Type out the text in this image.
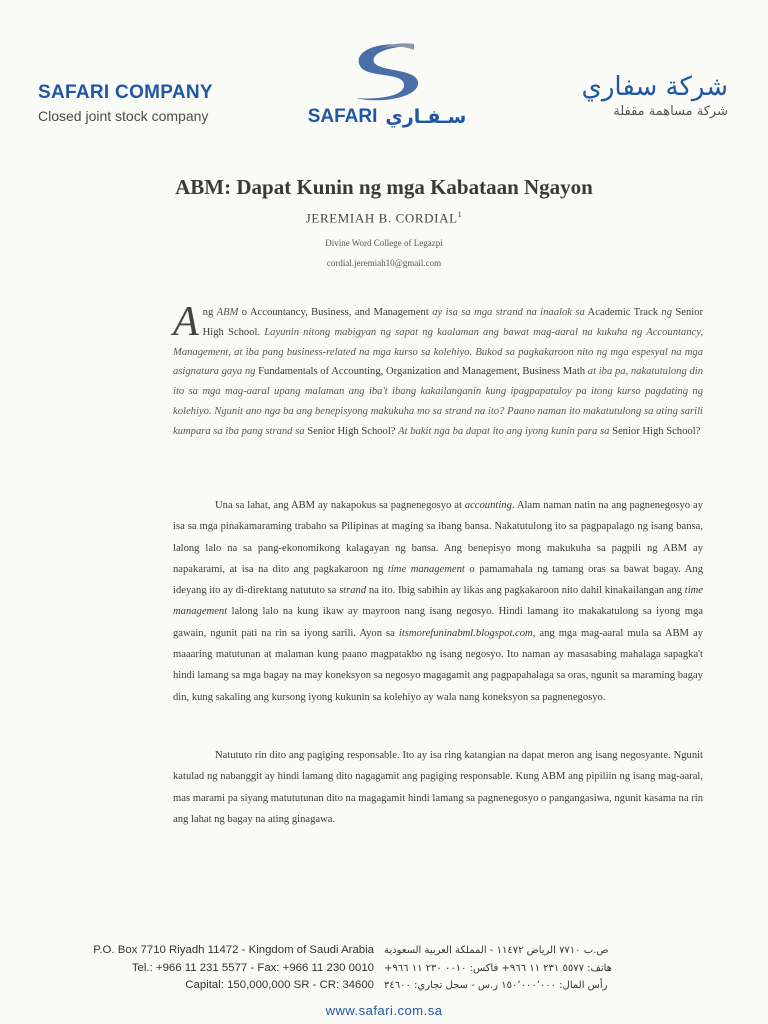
SAFARI COMPANY
Closed joint stock company	SAFARI سـفـاري
شركة سفاري
شركة مساهمة مقفلة
ABM: Dapat Kunin ng mga Kabataan Ngayon
JEREMIAH B. CORDIAL$^1$
Divine Word College of Legazpi
cordial.jeremiah10@gmail.com
Ang ABM o Accountancy, Business, and Management ay isa sa mga strand na inaalok sa Academic Track ng Senior High School. Layunin nitong mabigyan ng sapat ng kaalaman ang bawat mag-aaral na kukuha ng Accountancy, Management, at iba pang business-related na mga kurso sa kolehiyo. Bukod sa pagkakaroon nito ng mga espesyal na mga asignatura gaya ng Fundamentals of Accounting, Organization and Management, Business Math at iba pa, nakatutulong din ito sa mga mag-aaral upang malaman ang iba't ibang kakailanganin kung ipagpapatuloy pa itong kurso pagdating ng kolehiyo. Ngunit ano nga ba ang benepisyong makukuha mo sa strand na ito? Paano naman ito makatutulong sa ating sarili kumpara sa iba pang strand sa Senior High School? At bakit nga ba dapat ito ang iyong kunin para sa Senior High School?

Una sa lahat, ang ABM ay nakapokus sa pagnenegosyo at accounting. Alam naman natin na ang pagnenegosyo ay isa sa mga pinakamaraming trabaho sa Pilipinas at maging sa ibang bansa. Nakatutulong ito sa pagpapalago ng isang bansa, lalong lalo na sa pang-ekonomikong kalagayan ng bansa. Ang benepisyo mong makukuha sa pagpili ng ABM ay napakarami, at isa na dito ang pagkakaroon ng time management o pamamahala ng tamang oras sa bawat bagay. Ang ideyang ito ay di-direktang natututo sa strand na ito. Ibig sabihin ay likas ang pagkakaroon nito dahil kinakailangan ang time management lalong lalo na kung ikaw ay mayroon nang isang negosyo. Hindi lamang ito makakatulong sa iyong mga gawain, ngunit pati na rin sa iyong sarili. Ayon sa itsmorefuninabml.blogspot.com, ang mga mag-aaral mula sa ABM ay maaaring matutunan at malaman kung paano magpatakbo ng isang negosyo. Ito naman ay masasabing mahalaga sapagka't hindi lamang sa mga bagay na may koneksyon sa negosyo magagamit ang pagpapahalaga sa oras, ngunit sa maraming bagay din, kung sakaling ang kursong iyong kukunin sa kolehiyo ay wala nang koneksyon sa pagnenegosyo.

Natututo rin dito ang pagiging responsable. Ito ay isa ring katangian na dapat meron ang isang negosyante. Ngunit katulad ng nabanggit ay hindi lamang dito nagagamit ang pagiging responsable. Kung ABM ang pipiliin ng isang mag-aaral, mas marami pa siyang matututunan dito na magagamit hindi lamang sa pagnenegosyo o pangangasiwa, ngunit kasama na rin ang lahat ng bagay na ating ginagawa.

P.O. Box 7710 Riyadh 11472 - Kingdom of Saudi Arabia
Tel.: +966 11 231 5577 - Fax: +966 11 230 0010
Capital: 150,000,000 SR - CR: 34600
ص.ب ٧٧١٠ الرياض ١١٤٧٢ - المملكة العربية السعودية
هاتف: ٥٥٧٧ ٢٣١ ١١ ٩٦٦+ فاكس: ٠٠١٠ ٢٣٠ ١١ ٩٦٦+
رأس المال: ١٥٠٬٠٠٠٬٠٠٠ ر.س - سجل تجاري: ٣٤٦٠٠
www.safari.com.sa
